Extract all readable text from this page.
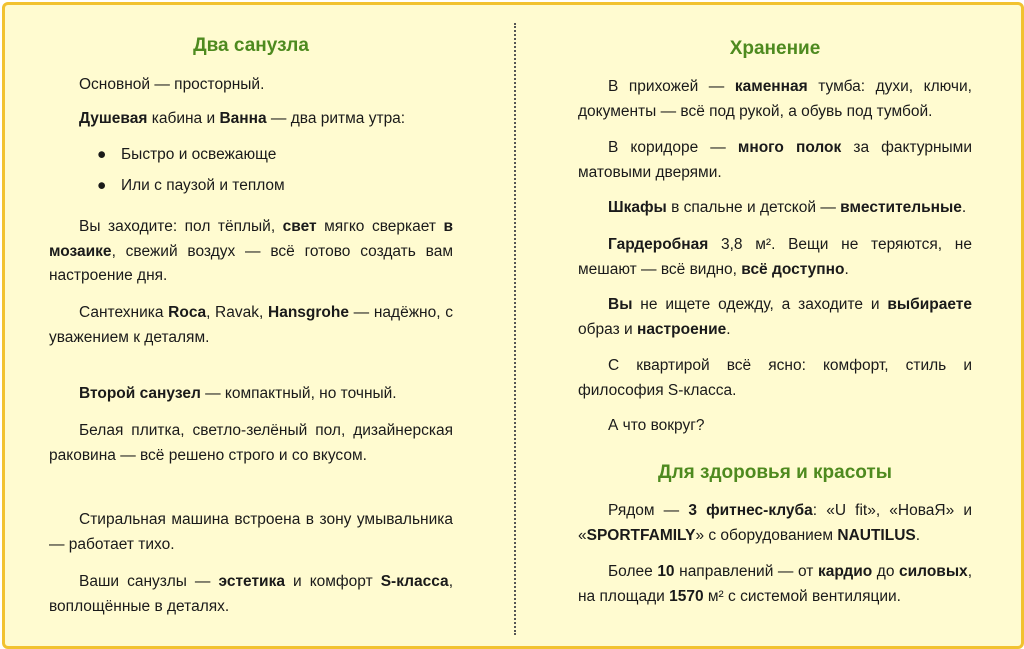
Два санузла

Основной — просторный.

Душевая кабина и Ванна — два ритма утра:

● Быстро и освежающе
● Или с паузой и теплом

Вы заходите: пол тёплый, свет мягко сверкает в мозаике, свежий воздух — всё готово создать вам настроение дня.

Сантехника Roca, Ravak, Hansgrohe — надёжно, с уважением к деталям.

Второй санузел — компактный, но точный.

Белая плитка, светло-зелёный пол, дизайнерская раковина — всё решено строго и со вкусом.

Стиральная машина встроена в зону умывальника — работает тихо.

Ваши санузлы — эстетика и комфорт S-класса, воплощённые в деталях.

Хранение

В прихожей — каменная тумба: духи, ключи, документы — всё под рукой, а обувь под тумбой.

В коридоре — много полок за фактурными матовыми дверями.

Шкафы в спальне и детской — вместительные.

Гардеробная 3,8 м². Вещи не теряются, не мешают — всё видно, всё доступно.

Вы не ищете одежду, а заходите и выбираете образ и настроение.

С квартирой всё ясно: комфорт, стиль и философия S-класса.

А что вокруг?

Для здоровья и красоты

Рядом — 3 фитнес-клуба: «U fit», «НоваЯ» и «SPORTFAMILY» с оборудованием NAUTILUS.

Более 10 направлений — от кардио до силовых, на площади 1570 м² с системой вентиляции.
